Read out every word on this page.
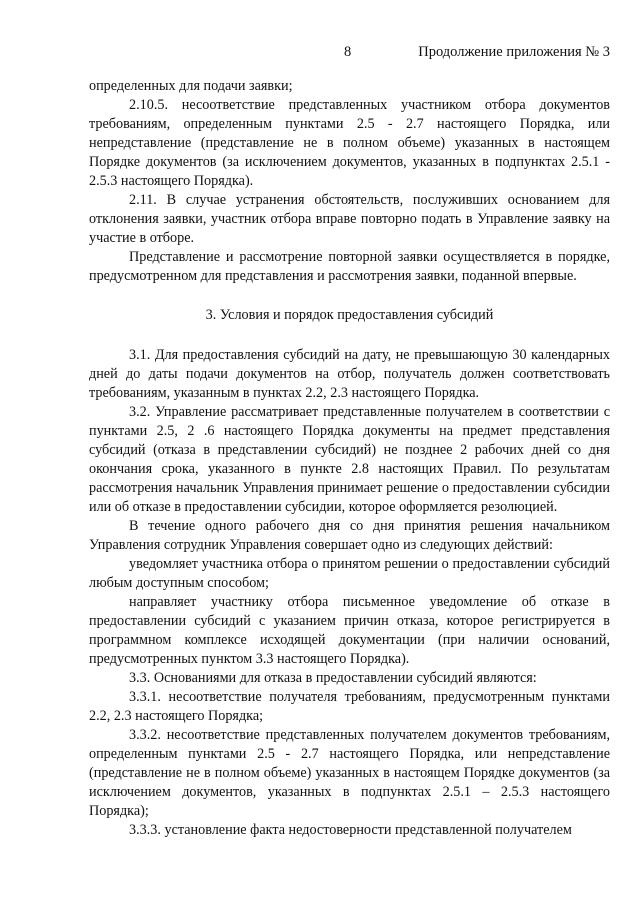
8	Продолжение приложения № 3

определенных для подачи заявки;

2.10.5. несоответствие представленных участником отбора документов требованиям, определенным пунктами 2.5 - 2.7 настоящего Порядка, или непредставление (представление не в полном объеме) указанных в настоящем Порядке документов (за исключением документов, указанных в подпунктах 2.5.1 - 2.5.3 настоящего Порядка).

2.11. В случае устранения обстоятельств, послуживших основанием для отклонения заявки, участник отбора вправе повторно подать в Управление заявку на участие в отборе.

Представление и рассмотрение повторной заявки осуществляется в порядке, предусмотренном для представления и рассмотрения заявки, поданной впервые.

3. Условия и порядок предоставления субсидий

3.1. Для предоставления субсидий на дату, не превышающую 30 календарных дней до даты подачи документов на отбор, получатель должен соответствовать требованиям, указанным в пунктах 2.2, 2.3 настоящего Порядка.

3.2. Управление рассматривает представленные получателем в соответствии с пунктами 2.5, 2 .6 настоящего Порядка документы на предмет представления субсидий (отказа в представлении субсидий) не позднее 2 рабочих дней со дня окончания срока, указанного в пункте 2.8 настоящих Правил. По результатам рассмотрения начальник Управления принимает решение о предоставлении субсидии или об отказе в предоставлении субсидии, которое оформляется резолюцией.

В течение одного рабочего дня со дня принятия решения начальником Управления сотрудник Управления совершает одно из следующих действий:

уведомляет участника отбора о принятом решении о предоставлении субсидий любым доступным способом;

направляет участнику отбора письменное уведомление об отказе в предоставлении субсидий с указанием причин отказа, которое регистрируется в программном комплексе исходящей документации (при наличии оснований, предусмотренных пунктом 3.3 настоящего Порядка).

3.3. Основаниями для отказа в предоставлении субсидий являются:

3.3.1. несоответствие получателя требованиям, предусмотренным пунктами 2.2, 2.3 настоящего Порядка;

3.3.2. несоответствие представленных получателем документов требованиям, определенным пунктами 2.5 - 2.7 настоящего Порядка, или непредставление (представление не в полном объеме) указанных в настоящем Порядке документов (за исключением документов, указанных в подпунктах 2.5.1 – 2.5.3 настоящего Порядка);

3.3.3. установление факта недостоверности представленной получателем
